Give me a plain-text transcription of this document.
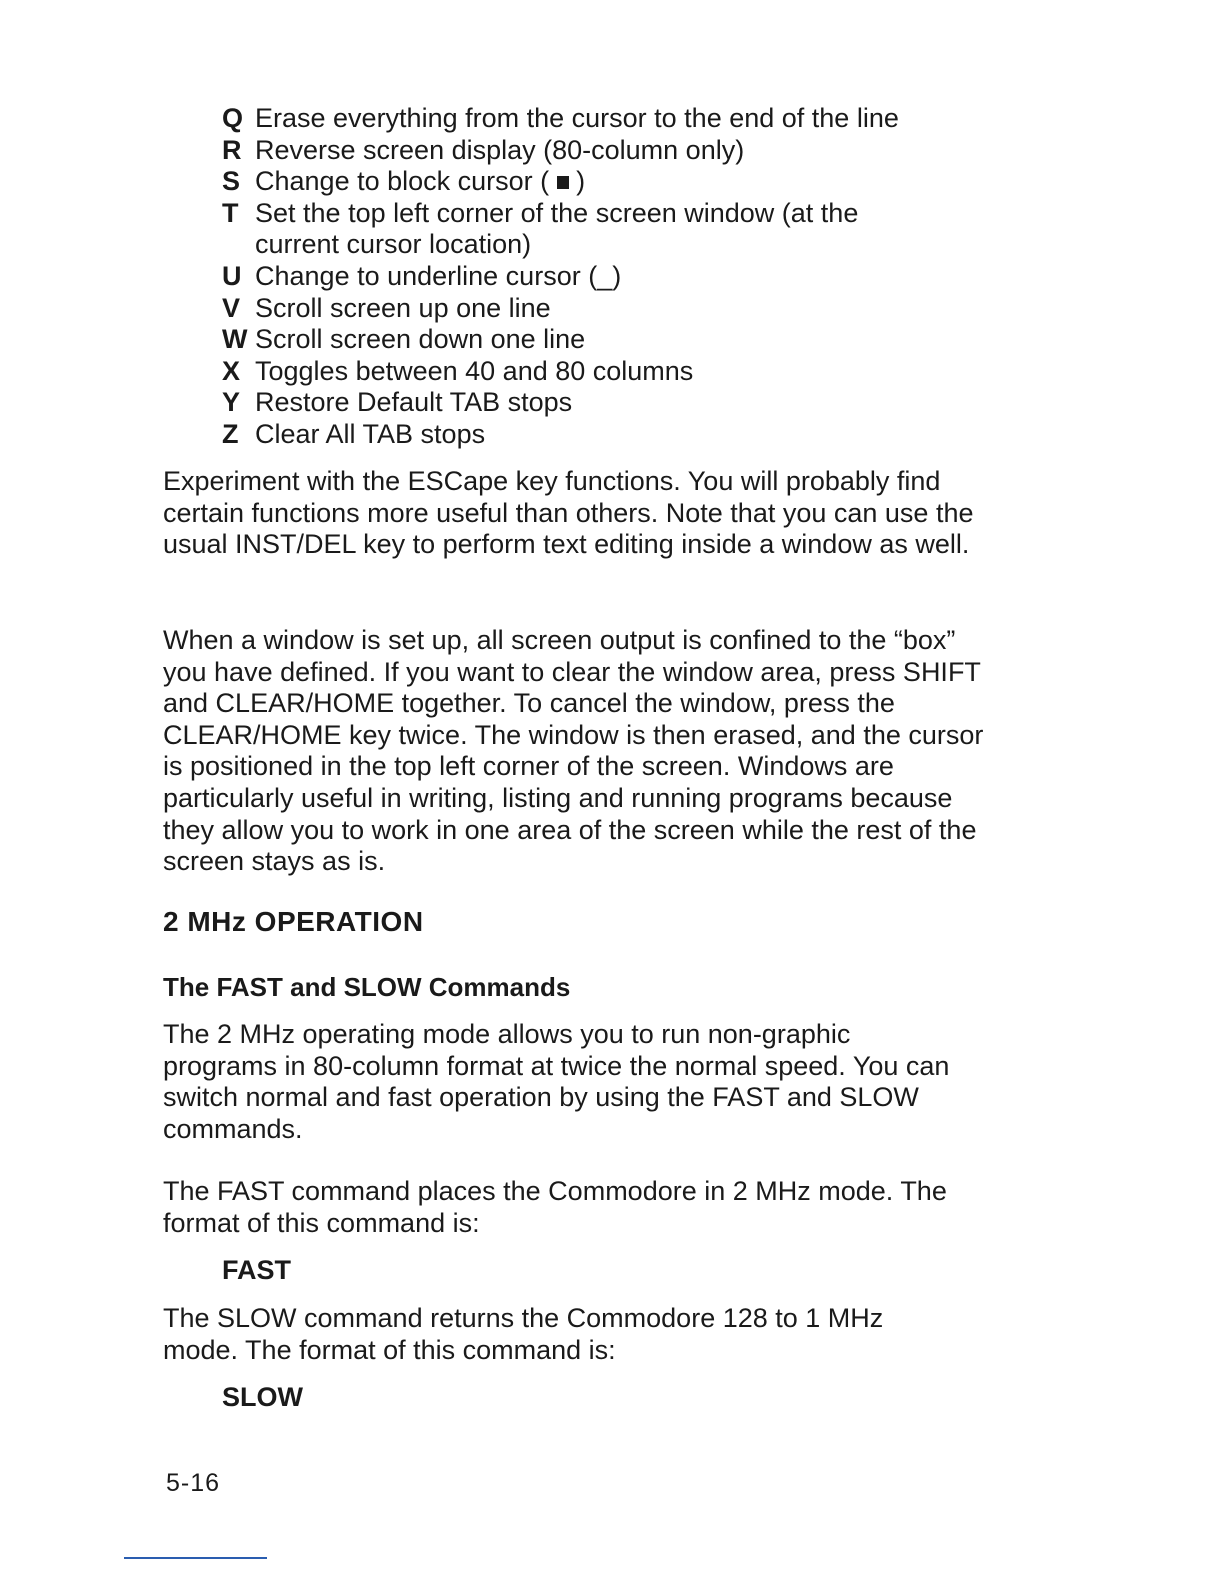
Q Erase everything from the cursor to the end of the line
R Reverse screen display (80-column only)
S Change to block cursor ( )
T Set the top left corner of the screen window (at the current cursor location)
U Change to underline cursor (_)
V Scroll screen up one line
W Scroll screen down one line
X Toggles between 40 and 80 columns
Y Restore Default TAB stops
Z Clear All TAB stops

Experiment with the ESCape key functions. You will probably find certain functions more useful than others. Note that you can use the usual INST/DEL key to perform text editing inside a window as well.

When a window is set up, all screen output is confined to the “box” you have defined. If you want to clear the window area, press SHIFT and CLEAR/HOME together. To cancel the window, press the CLEAR/HOME key twice. The window is then erased, and the cursor is positioned in the top left corner of the screen. Windows are particularly useful in writing, listing and running programs because they allow you to work in one area of the screen while the rest of the screen stays as is.

2 MHz OPERATION
The FAST and SLOW Commands

The 2 MHz operating mode allows you to run non-graphic programs in 80-column format at twice the normal speed. You can switch normal and fast operation by using the FAST and SLOW commands.

The FAST command places the Commodore in 2 MHz mode. The format of this command is:

FAST

The SLOW command returns the Commodore 128 to 1 MHz mode. The format of this command is:

SLOW

5-16
